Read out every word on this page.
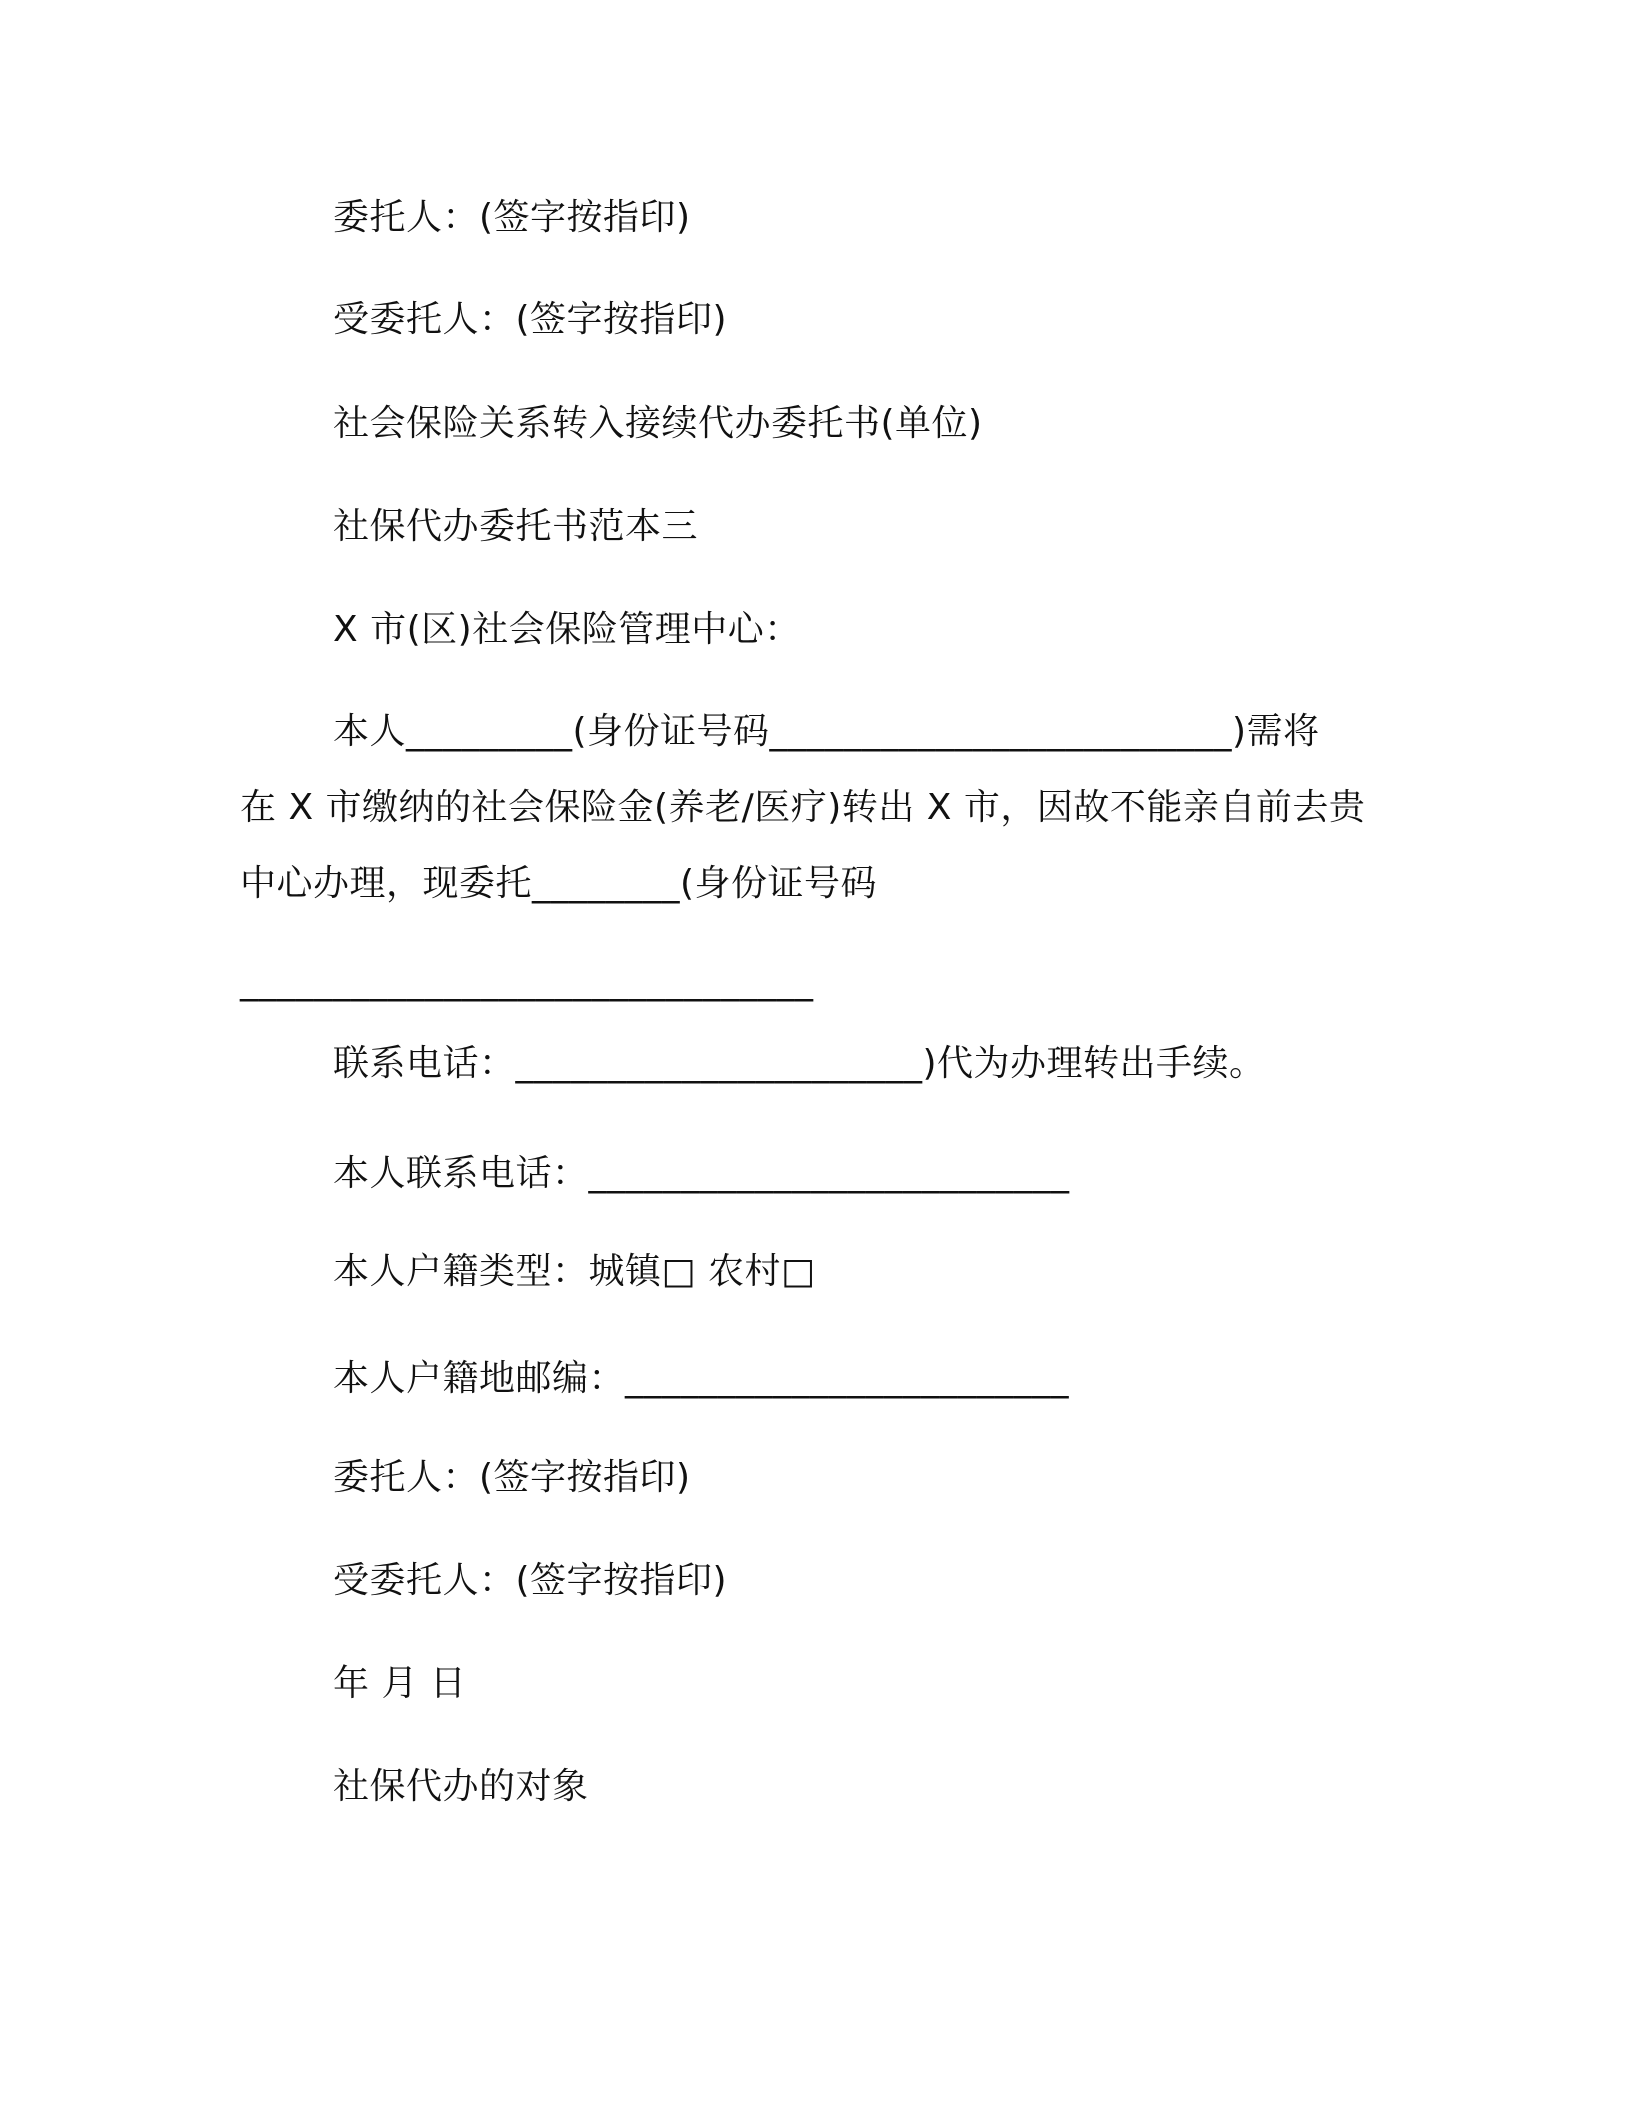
委托人：(签字按指印)
受委托人：(签字按指印)
社会保险关系转入接续代办委托书(单位)
社保代办委托书范本三
X 市(区)社会保险管理中心：
本人_________(身份证号码_________________________)需将
在 X 市缴纳的社会保险金(养老/医疗)转出 X 市，因故不能亲自前去贵
中心办理，现委托________(身份证号码
_______________________________
联系电话：______________________)代为办理转出手续。
本人联系电话：__________________________
本人户籍类型：城镇□ 农村□
本人户籍地邮编：________________________
委托人：(签字按指印)
受委托人：(签字按指印)
年 月 日
社保代办的对象
